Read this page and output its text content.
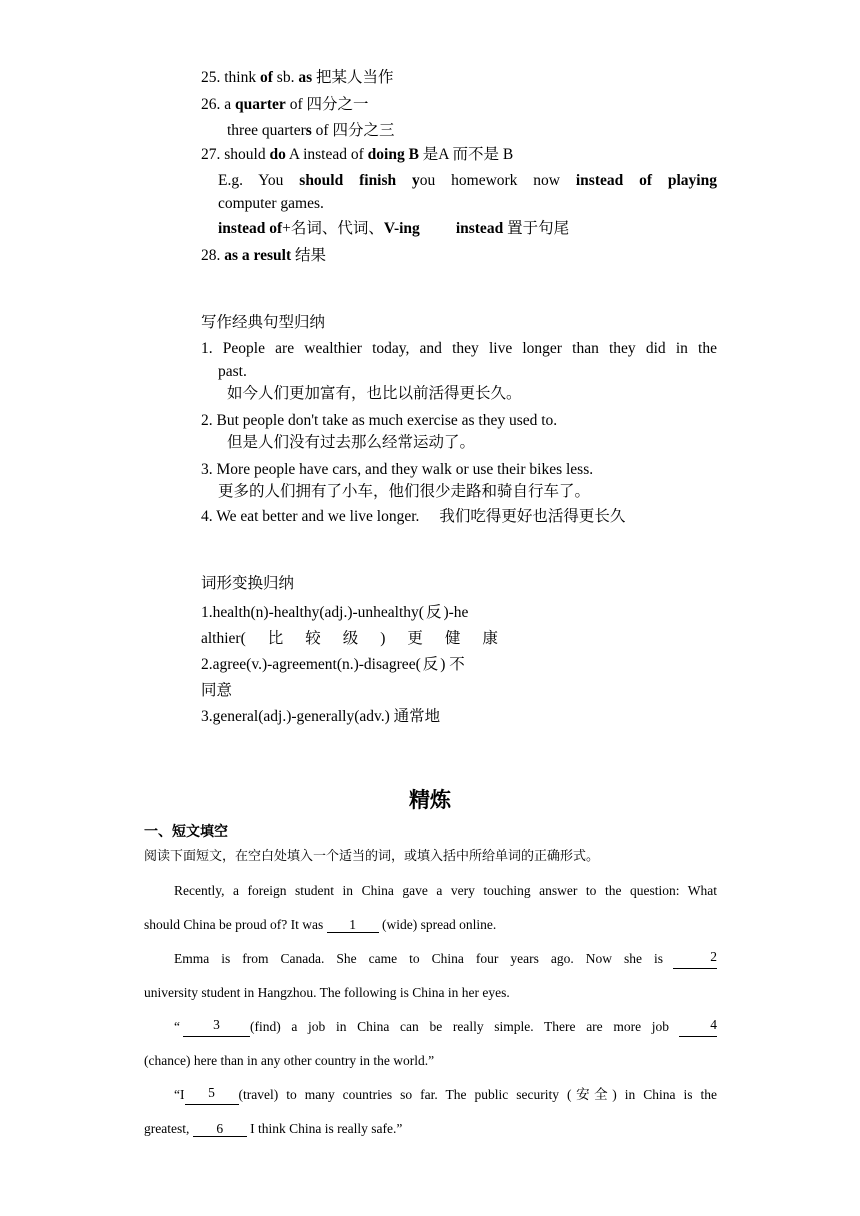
25. think of sb. as 把某人当作
26. a quarter of 四分之一
three quarters of 四分之三
27. should do A instead of doing B 是A 而不是 B
E.g. You should finish you homework now instead of playing
computer games.
instead of+名词、代词、V-ing instead 置于句尾
28. as a result 结果
写作经典句型归纳
1. People are wealthier today, and they live longer than they did in the
past.
如今人们更加富有，也比以前活得更长久。
2. But people don't take as much exercise as they used to.
但是人们没有过去那么经常运动了。
3. More people have cars, and they walk or use their bikes less.
更多的人们拥有了小车，他们很少走路和骑自行车了。
4. We eat better and we live longer. 我们吃得更好也活得更长久
词形变换归纳
1.health(n)-healthy(adj.)-unhealthy( 反 )-he
althier( 比 较 级 ) 更 健 康
2.agree(v.)-agreement(n.)-disagree( 反 ) 不
同意
3.general(adj.)-generally(adv.) 通常地
精炼
一、短文填空
阅读下面短文，在空白处填入一个适当的词，或填入括中所给单词的正确形式。
Recently, a foreign student in China gave a very touching answer to the question: What
should China be proud of? It was 1 (wide) spread online.
Emma is from Canada. She came to China four years ago. Now she is	2
university student in Hangzhou. The following is China in her eyes.
“	3	(find) a job in China can be really simple. There are more job	4
(chance) here than in any other country in the world.”
“I	5	(travel) to many countries so far. The public security (安全) in China is the
greatest, 6 I think China is really safe.”
